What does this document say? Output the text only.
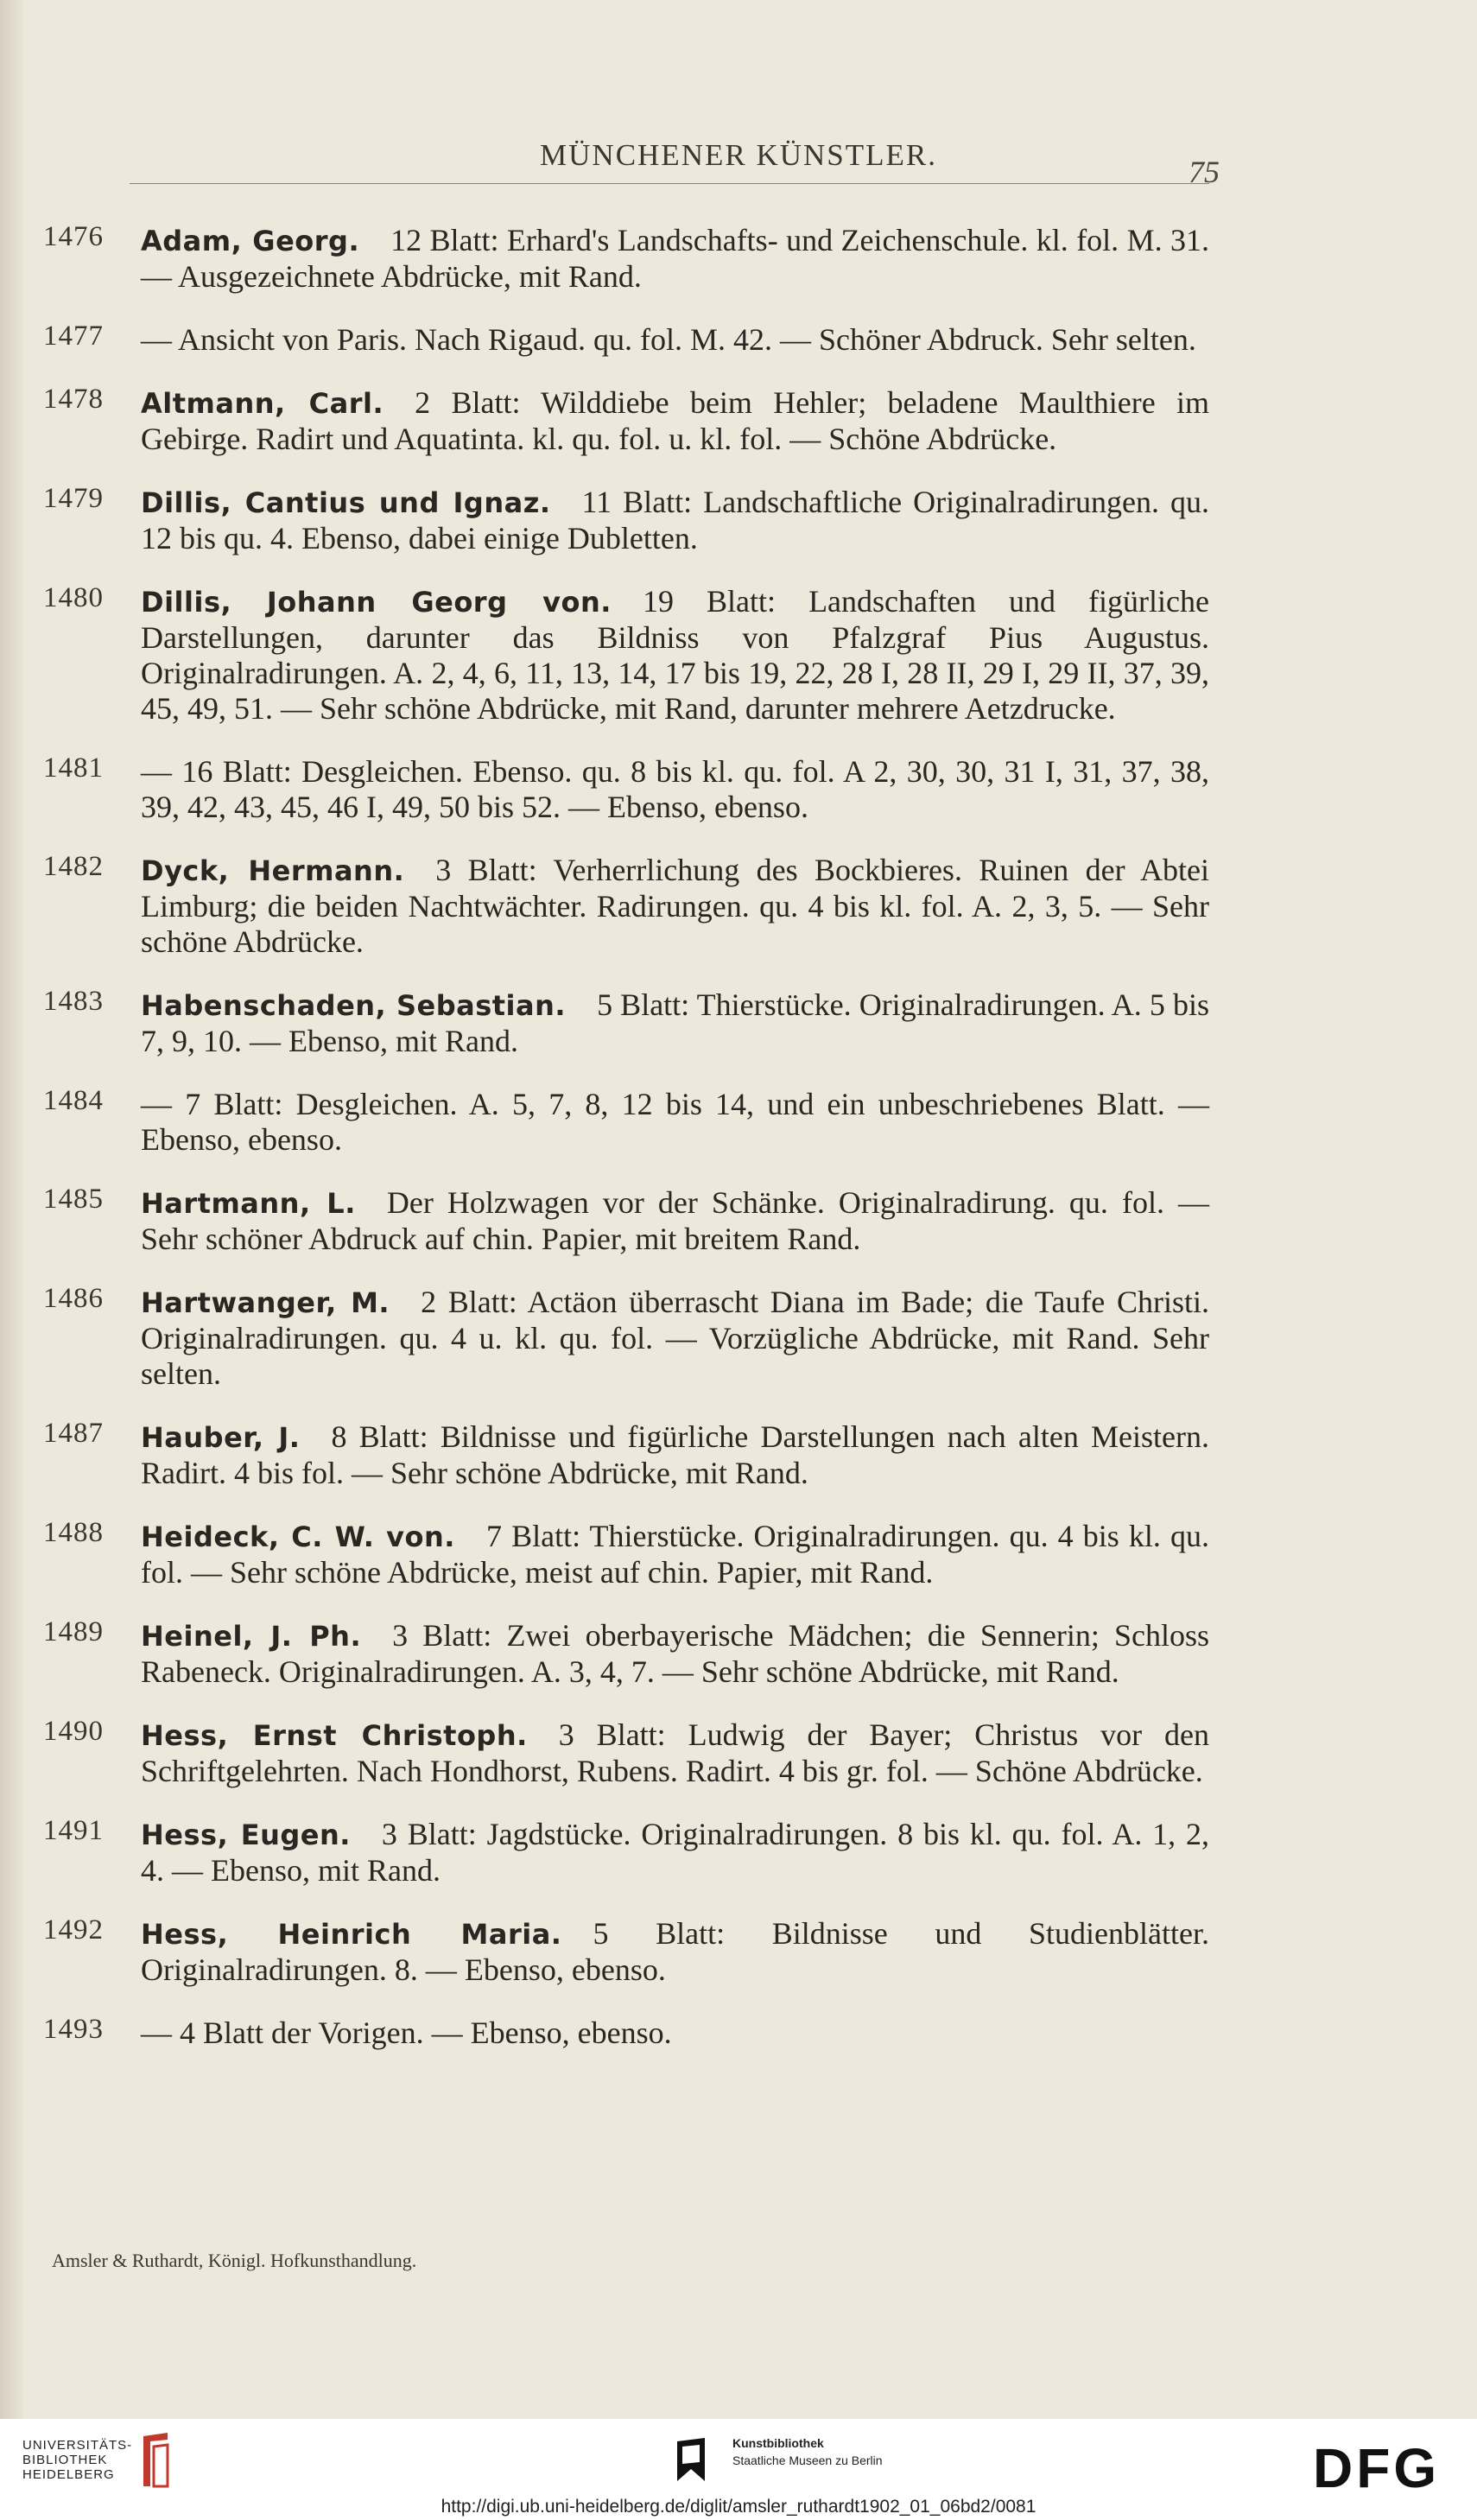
MÜNCHENER KÜNSTLER.	75
1476 Adam, Georg.  12 Blatt: Erhard's Landschafts- und Zeichenschule. kl. fol. M. 31. — Ausgezeichnete Abdrücke, mit Rand.
1477 — Ansicht von Paris. Nach Rigaud. qu. fol. M. 42. — Schöner Abdruck. Sehr selten.
1478 Altmann, Carl.  2 Blatt: Wilddiebe beim Hehler; beladene Maulthiere im Gebirge. Radirt und Aquatinta. kl. qu. fol. u. kl. fol. — Schöne Abdrücke.
1479 Dillis, Cantius und Ignaz.  11 Blatt: Landschaftliche Originalradirungen. qu. 12 bis qu. 4. Ebenso, dabei einige Dubletten.
1480 Dillis, Johann Georg von.  19 Blatt: Landschaften und figürliche Darstellungen, darunter das Bildniss von Pfalzgraf Pius Augustus. Originalradirungen. A. 2, 4, 6, 11, 13, 14, 17 bis 19, 22, 28 I, 28 II, 29 I, 29 II, 37, 39, 45, 49, 51. — Sehr schöne Abdrücke, mit Rand, darunter mehrere Aetzdrucke.
1481 — 16 Blatt: Desgleichen. Ebenso. qu. 8 bis kl. qu. fol. A 2, 30, 30, 31 I, 31, 37, 38, 39, 42, 43, 45, 46 I, 49, 50 bis 52. — Ebenso, ebenso.
1482 Dyck, Hermann.  3 Blatt: Verherrlichung des Bockbieres. Ruinen der Abtei Limburg; die beiden Nachtwächter. Radirungen. qu. 4 bis kl. fol. A. 2, 3, 5. — Sehr schöne Abdrücke.
1483 Habenschaden, Sebastian.  5 Blatt: Thierstücke. Originalradirungen. A. 5 bis 7, 9, 10. — Ebenso, mit Rand.
1484 — 7 Blatt: Desgleichen. A. 5, 7, 8, 12 bis 14, und ein unbeschriebenes Blatt. — Ebenso, ebenso.
1485 Hartmann, L.  Der Holzwagen vor der Schänke. Originalradirung. qu. fol. — Sehr schöner Abdruck auf chin. Papier, mit breitem Rand.
1486 Hartwanger, M.  2 Blatt: Actäon überrascht Diana im Bade; die Taufe Christi. Originalradirungen. qu. 4 u. kl. qu. fol. — Vorzügliche Abdrücke, mit Rand. Sehr selten.
1487 Hauber, J.  8 Blatt: Bildnisse und figürliche Darstellungen nach alten Meistern. Radirt. 4 bis fol. — Sehr schöne Abdrücke, mit Rand.
1488 Heideck, C. W. von.  7 Blatt: Thierstücke. Originalradirungen. qu. 4 bis kl. qu. fol. — Sehr schöne Abdrücke, meist auf chin. Papier, mit Rand.
1489 Heinel, J. Ph.  3 Blatt: Zwei oberbayerische Mädchen; die Sennerin; Schloss Rabeneck. Originalradirungen. A. 3, 4, 7. — Sehr schöne Abdrücke, mit Rand.
1490 Hess, Ernst Christoph.  3 Blatt: Ludwig der Bayer; Christus vor den Schriftgelehrten. Nach Hondhorst, Rubens. Radirt. 4 bis gr. fol. — Schöne Abdrücke.
1491 Hess, Eugen.  3 Blatt: Jagdstücke. Originalradirungen. 8 bis kl. qu. fol. A. 1, 2, 4. — Ebenso, mit Rand.
1492 Hess, Heinrich Maria.  5 Blatt: Bildnisse und Studienblätter. Originalradirungen. 8. — Ebenso, ebenso.
1493 — 4 Blatt der Vorigen. — Ebenso, ebenso.
Amsler & Ruthardt, Königl. Hofkunsthandlung.
UNIVERSITÄTS-
BIBLIOTHEK
HEIDELBERG
Kunstbibliothek
Staatliche Museen zu Berlin	DFG
http://digi.ub.uni-heidelberg.de/diglit/amsler_ruthardt1902_01_06bd2/0081
